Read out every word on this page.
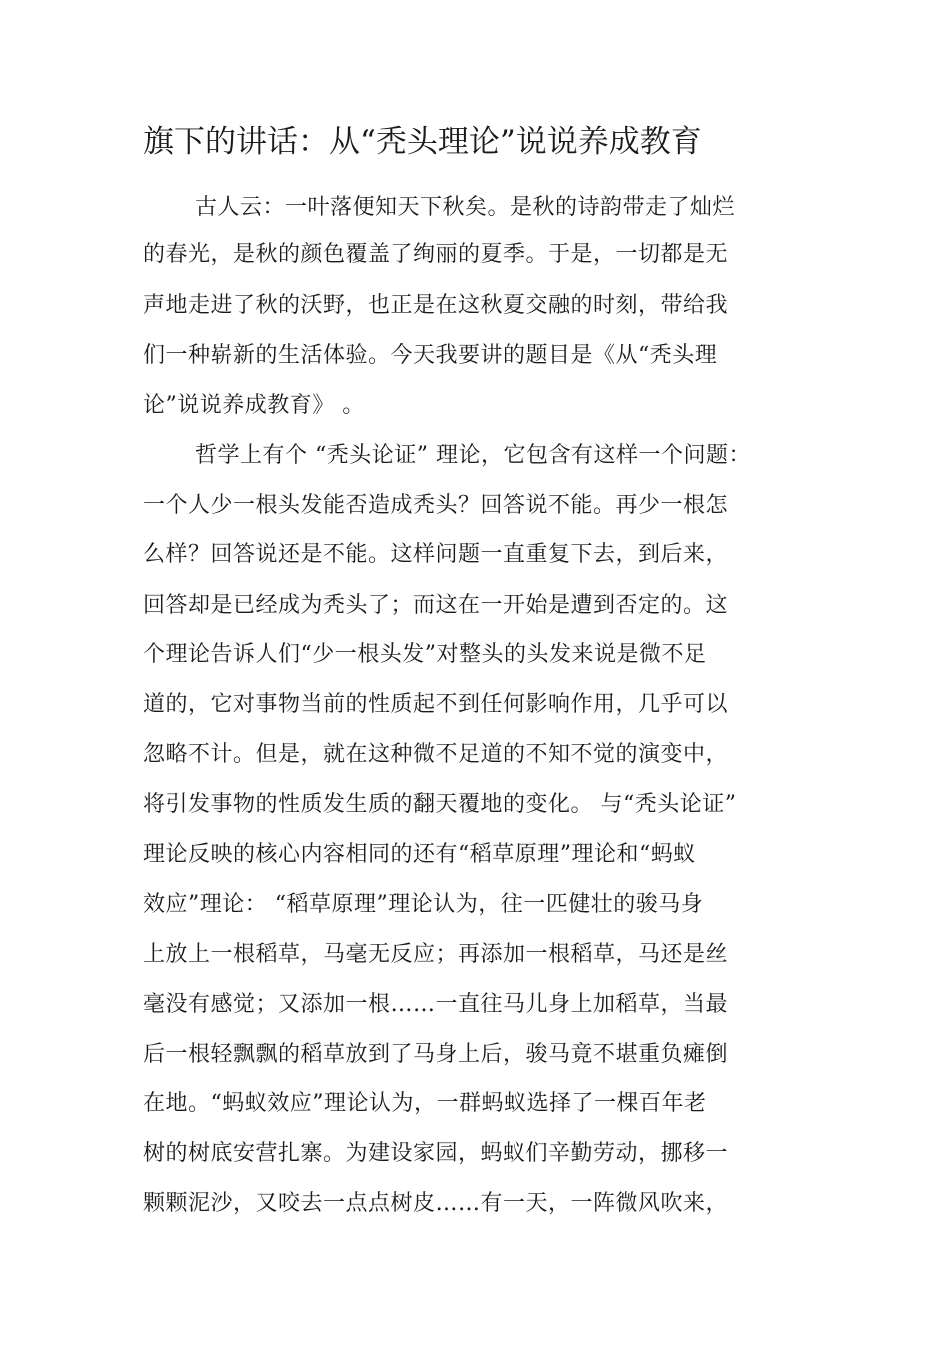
旗下的讲话：从“秃头理论”说说养成教育
古人云：一叶落便知天下秋矣。是秋的诗韵带走了灿烂
的春光，是秋的颜色覆盖了绚丽的夏季。于是，一切都是无
声地走进了秋的沃野，也正是在这秋夏交融的时刻，带给我
们一种崭新的生活体验。今天我要讲的题目是《从“秃头理
论”说说养成教育》 。
哲学上有个 “秃头论证” 理论，它包含有这样一个问题：
一个人少一根头发能否造成秃头？回答说不能。再少一根怎
么样？回答说还是不能。这样问题一直重复下去，到后来，
回答却是已经成为秃头了；而这在一开始是遭到否定的。这
个理论告诉人们“少一根头发”对整头的头发来说是微不足
道的，它对事物当前的性质起不到任何影响作用，几乎可以
忽略不计。但是，就在这种微不足道的不知不觉的演变中，
将引发事物的性质发生质的翻天覆地的变化。 与“秃头论证”
理论反映的核心内容相同的还有“稻草原理”理论和“蚂蚁
效应”理论： “稻草原理”理论认为，往一匹健壮的骏马身
上放上一根稻草，马毫无反应；再添加一根稻草，马还是丝
毫没有感觉；又添加一根……一直往马儿身上加稻草，当最
后一根轻飘飘的稻草放到了马身上后，骏马竟不堪重负瘫倒
在地。“蚂蚁效应”理论认为，一群蚂蚁选择了一棵百年老
树的树底安营扎寨。为建设家园，蚂蚁们辛勤劳动，挪移一
颗颗泥沙，又咬去一点点树皮……有一天，一阵微风吹来，
